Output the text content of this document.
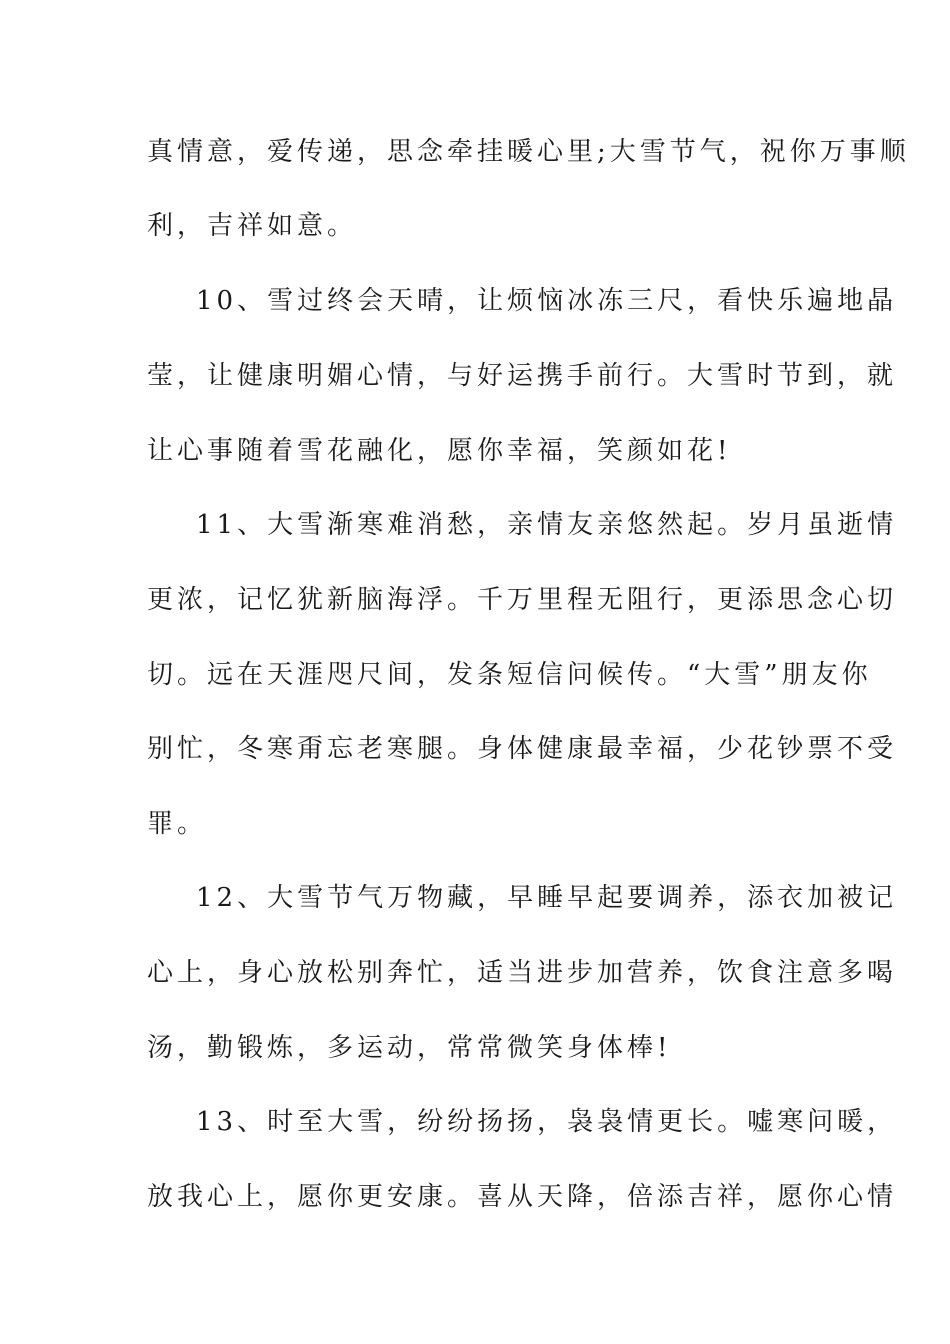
真情意，爱传递，思念牵挂暖心里;大雪节气，祝你万事顺
利，吉祥如意。
10、雪过终会天晴，让烦恼冰冻三尺，看快乐遍地晶
莹，让健康明媚心情，与好运携手前行。大雪时节到，就
让心事随着雪花融化，愿你幸福，笑颜如花!
11、大雪渐寒难消愁，亲情友亲悠然起。岁月虽逝情
更浓，记忆犹新脑海浮。千万里程无阻行，更添思念心切
切。远在天涯咫尺间，发条短信问候传。“大雪”朋友你
别忙，冬寒甭忘老寒腿。身体健康最幸福，少花钞票不受
罪。
12、大雪节气万物藏，早睡早起要调养，添衣加被记
心上，身心放松别奔忙，适当进步加营养，饮食注意多喝
汤，勤锻炼，多运动，常常微笑身体棒!
13、时至大雪，纷纷扬扬，袅袅情更长。嘘寒问暖，
放我心上，愿你更安康。喜从天降，倍添吉祥，愿你心情
